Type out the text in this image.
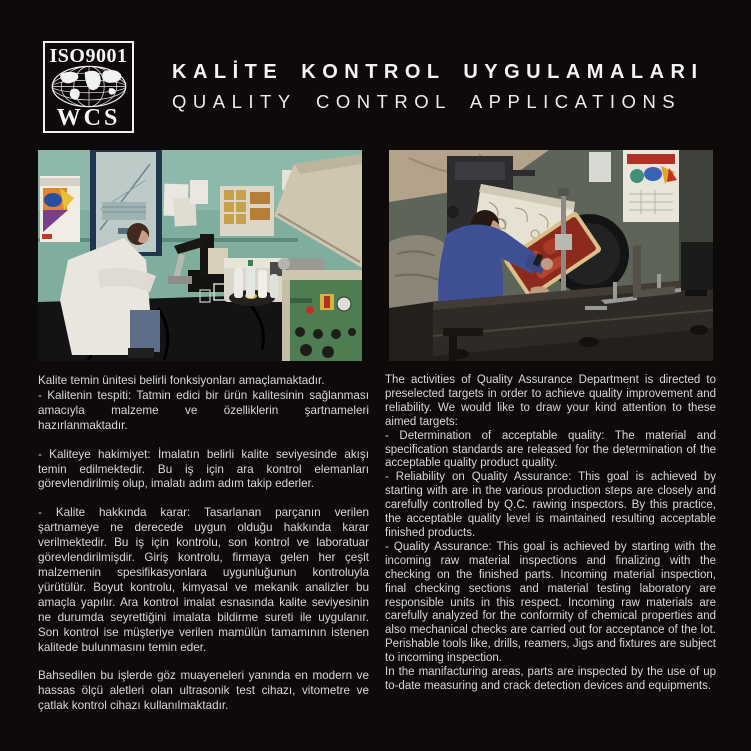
ISO9001
WCS
KALİTE KONTROL UYGULAMALARI
QUALITY CONTROL APPLICATIONS

Kalite temin ünitesi belirli fonksiyonları amaçlamaktadır.

- Kalitenin tespiti: Tatmin edici bir ürün kalitesinin sağlanması amacıyla malzeme ve özelliklerin şartnameleri hazırlanmaktadır.

- Kaliteye hakimiyet: İmalatın belirli kalite seviyesinde akışı temin edilmektedir. Bu iş için ara kontrol elemanları görevlendirilmiş olup, imalatı adım adım takip ederler.

- Kalite hakkında karar: Tasarlanan parçanın verilen şartnameye ne derecede uygun olduğu hakkında karar verilmektedir. Bu iş için kontrolu, son kontrol ve laboratuar görevlendirilmişdir. Giriş kontrolu, firmaya gelen her çeşit malzemenin spesifikasyonlara uygunluğunun kontroluyla yürütülür. Boyut kontrolu, kimyasal ve mekanik analizler bu amaçla yapılır. Ara kontrol imalat esnasında kalite seviyesinin ne durumda seyrettiğini imalata bildirme sureti ile uygulanır. Son kontrol ise müşteriye verilen mamülün tamamının istenen kalitede bulunmasını temin eder.

Bahsedilen bu işlerde göz muayeneleri yanında en modern ve hassas ölçü aletleri olan ultrasonik test cihazı, vitometre ve çatlak kontrol cihazı kullanılmaktadır.

The activities of Quality Assurance Department is directed to preselected targets in order to achieve quality improvement and reliability. We would like to draw your kind attention to these aimed targets:

- Determination of acceptable quality: The material and specification standards are released for the determination of the acceptable quality product quality.

- Reliability on Quality Assurance: This goal is achieved by starting with are in the various production steps are closely and carefully controlled by Q.C. rawing inspectors. By this practice, the acceptable quality level is maintained resulting acceptable finished products.

- Quality Assurance: This goal is achieved by starting with the incoming raw material inspections and finalizing with the checking on the finished parts. Incoming material inspection, final checking sections and material testing laboratory are responsible units in this respect. Incoming raw materials are carefully analyzed for the conformity of chemical properties and also mechanical checks are carried out for acceptance of the lot. Perishable tools like, drills, reamers, Jigs and fixtures are subject to incoming inspection.

In the manifacturing areas, parts are inspected by the use of up to-date measuring and crack detection devices and equipments.
